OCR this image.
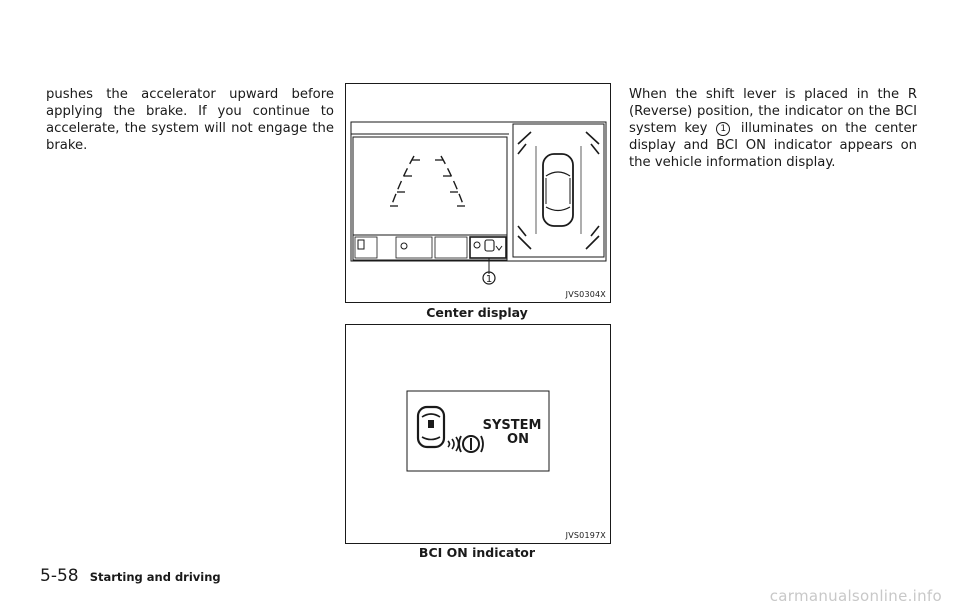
pushes the accelerator upward before applying the brake. If you continue to accelerate, the system will not engage the brake.
1
JVS0304X
Center display
SYSTEM
ON
JVS0197X
BCI ON indicator
When the shift lever is placed in the R (Reverse) position, the indicator on the BCI system key 1 illuminates on the center display and BCI ON indicator appears on the vehicle information display.
5-58 Starting and driving
carmanualsonline.info
